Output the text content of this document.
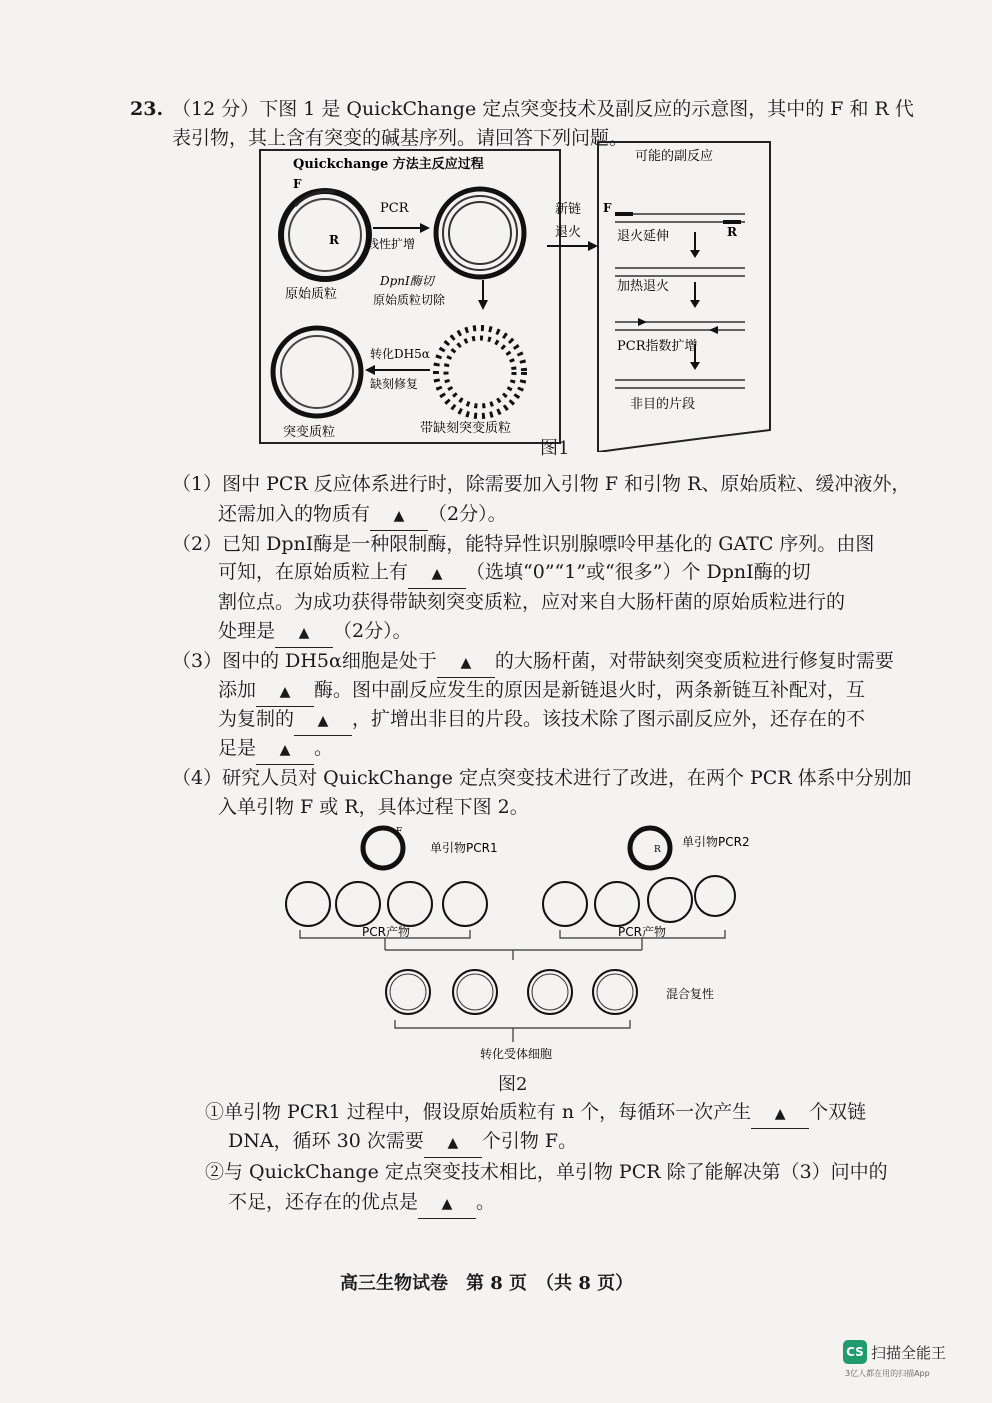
23. （12 分）下图 1 是 QuickChange 定点突变技术及副反应的示意图，其中的 F 和 R 代
表引物，其上含有突变的碱基序列。请回答下列问题。
Quickchange 方法主反应过程
F
R
原始质粒
PCR
线性扩增
DpnⅠ酶切
原始质粒切除
带缺刻突变质粒
转化DH5α
缺刻修复
突变质粒
新链
退火
可能的副反应
F
R
退火延伸
加热退火
PCR指数扩增
非目的片段
图1
（1）图中 PCR 反应体系进行时，除需要加入引物 F 和引物 R、原始质粒、缓冲液外，
还需加入的物质有 ▲ （2分）。
（2）已知 DpnⅠ酶是一种限制酶，能特异性识别腺嘌呤甲基化的 GATC 序列。由图
可知，在原始质粒上有 ▲ （选填“0”“1”或“很多”）个 DpnⅠ酶的切
割位点。为成功获得带缺刻突变质粒，应对来自大肠杆菌的原始质粒进行的
处理是 ▲ （2分）。
（3）图中的 DH5α细胞是处于 ▲ 的大肠杆菌，对带缺刻突变质粒进行修复时需要
添加 ▲ 酶。图中副反应发生的原因是新链退火时，两条新链互补配对，互
为复制的 ▲ ，扩增出非目的片段。该技术除了图示副反应外，还存在的不
足是 ▲ 。
（4）研究人员对 QuickChange 定点突变技术进行了改进，在两个 PCR 体系中分别加
入单引物 F 或 R，具体过程下图 2。
F
单引物PCR1	R
单引物PCR2
PCR产物	PCR产物
混合复性
转化受体细胞
图2
①单引物 PCR1 过程中，假设原始质粒有 n 个，每循环一次产生 ▲ 个双链
DNA，循环 30 次需要 ▲ 个引物 F。
②与 QuickChange 定点突变技术相比，单引物 PCR 除了能解决第（3）问中的
不足，还存在的优点是 ▲ 。
高三生物试卷　第 8 页　（共 8 页）
CS 扫描全能王
3亿人都在用的扫描App
